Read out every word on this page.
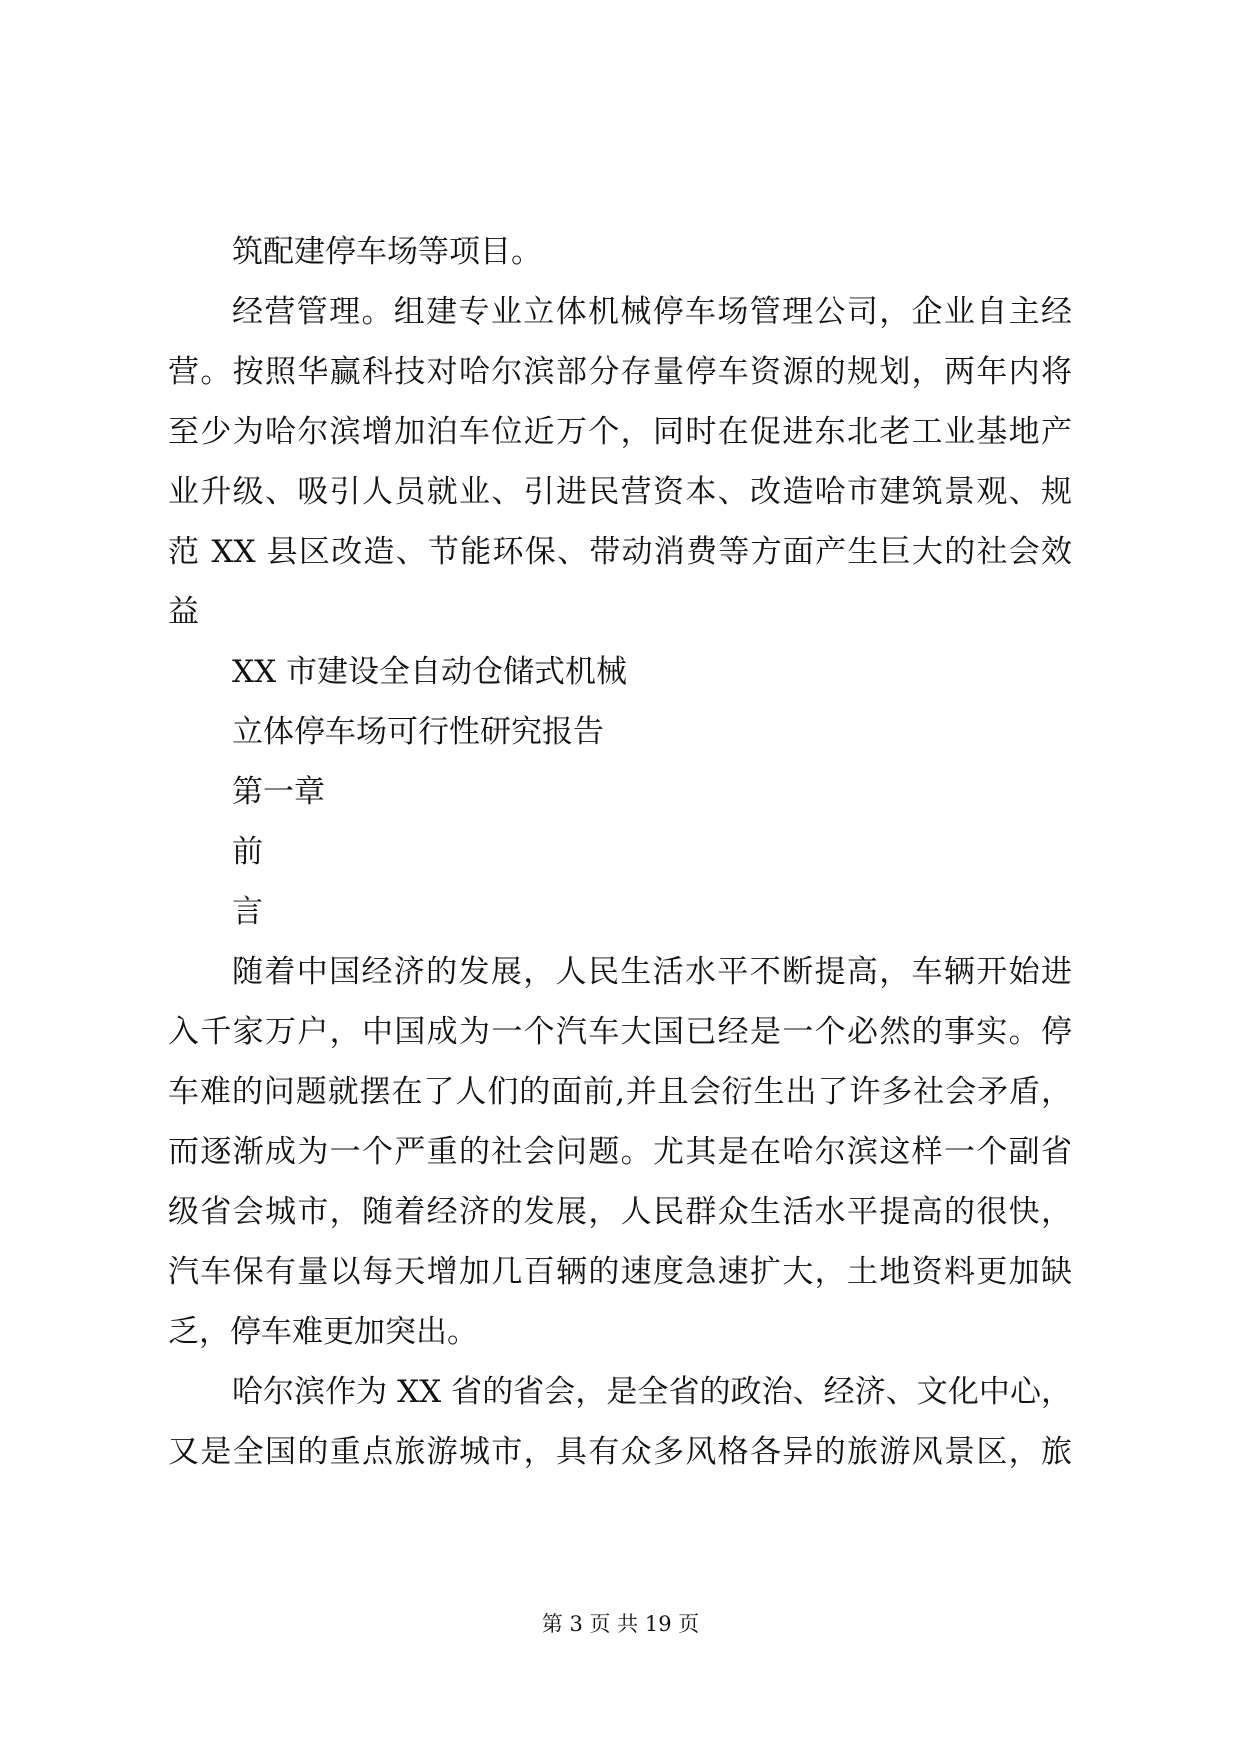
筑配建停车场等项目。
经营管理。组建专业立体机械停车场管理公司，企业自主经
营。按照华赢科技对哈尔滨部分存量停车资源的规划，两年内将
至少为哈尔滨增加泊车位近万个，同时在促进东北老工业基地产
业升级、吸引人员就业、引进民营资本、改造哈市建筑景观、规
范 XX 县区改造、节能环保、带动消费等方面产生巨大的社会效
益
XX 市建设全自动仓储式机械
立体停车场可行性研究报告
第一章
前
言
随着中国经济的发展，人民生活水平不断提高，车辆开始进
入千家万户，中国成为一个汽车大国已经是一个必然的事实。停
车难的问题就摆在了人们的面前,并且会衍生出了许多社会矛盾，
而逐渐成为一个严重的社会问题。尤其是在哈尔滨这样一个副省
级省会城市，随着经济的发展，人民群众生活水平提高的很快，
汽车保有量以每天增加几百辆的速度急速扩大，土地资料更加缺
乏，停车难更加突出。
哈尔滨作为 XX 省的省会，是全省的政治、经济、文化中心，
又是全国的重点旅游城市，具有众多风格各异的旅游风景区，旅
第 3 页 共 19 页
